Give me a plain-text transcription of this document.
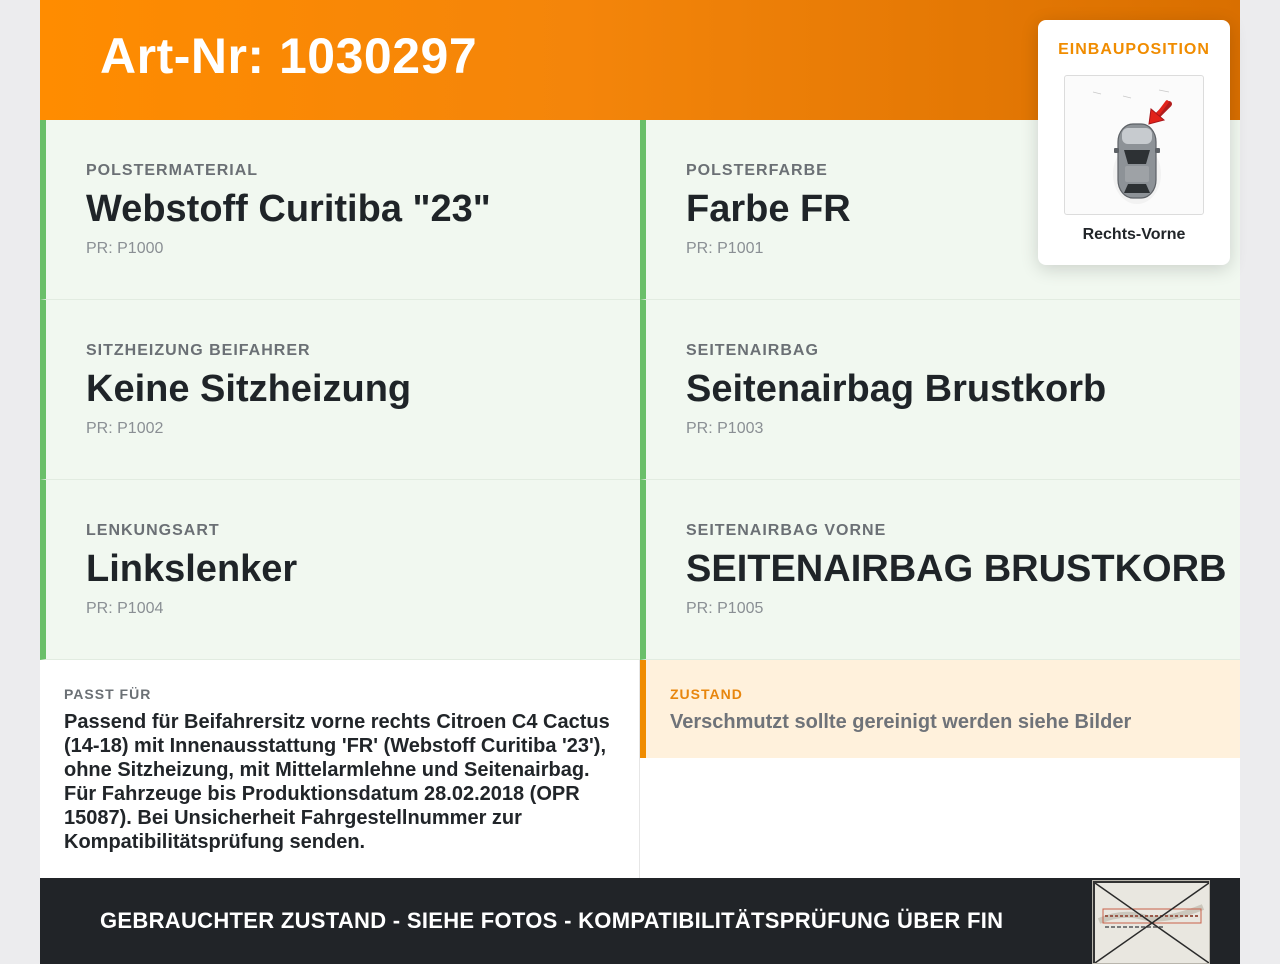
Art-Nr: 1030297
POLSTERMATERIAL
Webstoff Curitiba "23"
PR: P1000
POLSTERFARBE
Farbe FR
PR: P1001
SITZHEIZUNG BEIFAHRER
Keine Sitzheizung
PR: P1002
SEITENAIRBAG
Seitenairbag Brustkorb
PR: P1003
LENKUNGSART
Linkslenker
PR: P1004
SEITENAIRBAG VORNE
SEITENAIRBAG BRUSTKORB
PR: P1005
PASST FÜR
Passend für Beifahrersitz vorne rechts Citroen C4 Cactus (14-18) mit Innenausstattung 'FR' (Webstoff Curitiba '23'), ohne Sitzheizung, mit Mittelarmlehne und Seitenairbag. Für Fahrzeuge bis Produktionsdatum 28.02.2018 (OPR 15087). Bei Unsicherheit Fahrgestellnummer zur Kompatibilitätsprüfung senden.
ZUSTAND
Verschmutzt sollte gereinigt werden siehe Bilder
GEBRAUCHTER ZUSTAND - SIEHE FOTOS - KOMPATIBILITÄTSPRÜFUNG ÜBER FIN
EINBAUPOSITION
Rechts-Vorne
